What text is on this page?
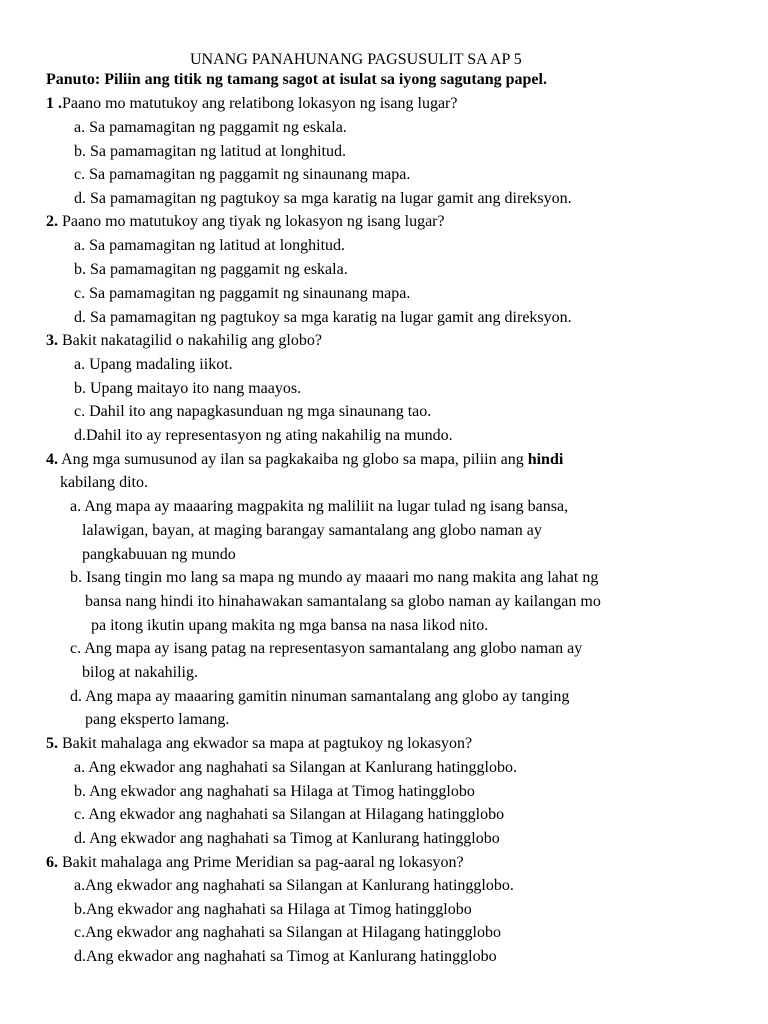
UNANG PANAHUNANG PAGSUSULIT SA AP 5
Panuto: Piliin ang titik ng tamang sagot at isulat sa iyong sagutang papel.
1 .Paano mo matutukoy ang relatibong lokasyon ng isang lugar?
a. Sa pamamagitan ng paggamit ng eskala.
b. Sa pamamagitan ng latitud at longhitud.
c. Sa pamamagitan ng paggamit ng sinaunang mapa.
d. Sa pamamagitan ng pagtukoy sa mga karatig na lugar gamit ang direksyon.
2. Paano mo matutukoy ang tiyak ng lokasyon ng isang lugar?
a. Sa pamamagitan ng latitud at longhitud.
b. Sa pamamagitan ng paggamit ng eskala.
c. Sa pamamagitan ng paggamit ng sinaunang mapa.
d. Sa pamamagitan ng pagtukoy sa mga karatig na lugar gamit ang direksyon.
3. Bakit nakatagilid o nakahilig ang globo?
a. Upang madaling iikot.
b. Upang maitayo ito nang maayos.
c. Dahil ito ang napagkasunduan ng mga sinaunang tao.
d.Dahil ito ay representasyon ng ating nakahilig na mundo.
4. Ang mga sumusunod ay ilan sa pagkakaiba ng globo sa mapa, piliin ang hindi
kabilang dito.
a. Ang mapa ay maaaring magpakita ng maliliit na lugar tulad ng isang bansa,
lalawigan, bayan, at maging barangay samantalang ang globo naman ay
pangkabuuan ng mundo
b. Isang tingin mo lang sa mapa ng mundo ay maaari mo nang makita ang lahat ng
bansa nang hindi ito hinahawakan samantalang sa globo naman ay kailangan mo
pa itong ikutin upang makita ng mga bansa na nasa likod nito.
c. Ang mapa ay isang patag na representasyon samantalang ang globo naman ay
bilog at nakahilig.
d. Ang mapa ay maaaring gamitin ninuman samantalang ang globo ay tanging
pang eksperto lamang.
5. Bakit mahalaga ang ekwador sa mapa at pagtukoy ng lokasyon?
a. Ang ekwador ang naghahati sa Silangan at Kanlurang hatingglobo.
b. Ang ekwador ang naghahati sa Hilaga at Timog hatingglobo
c. Ang ekwador ang naghahati sa Silangan at Hilagang hatingglobo
d. Ang ekwador ang naghahati sa Timog at Kanlurang hatingglobo
6. Bakit mahalaga ang Prime Meridian sa pag-aaral ng lokasyon?
a.Ang ekwador ang naghahati sa Silangan at Kanlurang hatingglobo.
b.Ang ekwador ang naghahati sa Hilaga at Timog hatingglobo
c.Ang ekwador ang naghahati sa Silangan at Hilagang hatingglobo
d.Ang ekwador ang naghahati sa Timog at Kanlurang hatingglobo
